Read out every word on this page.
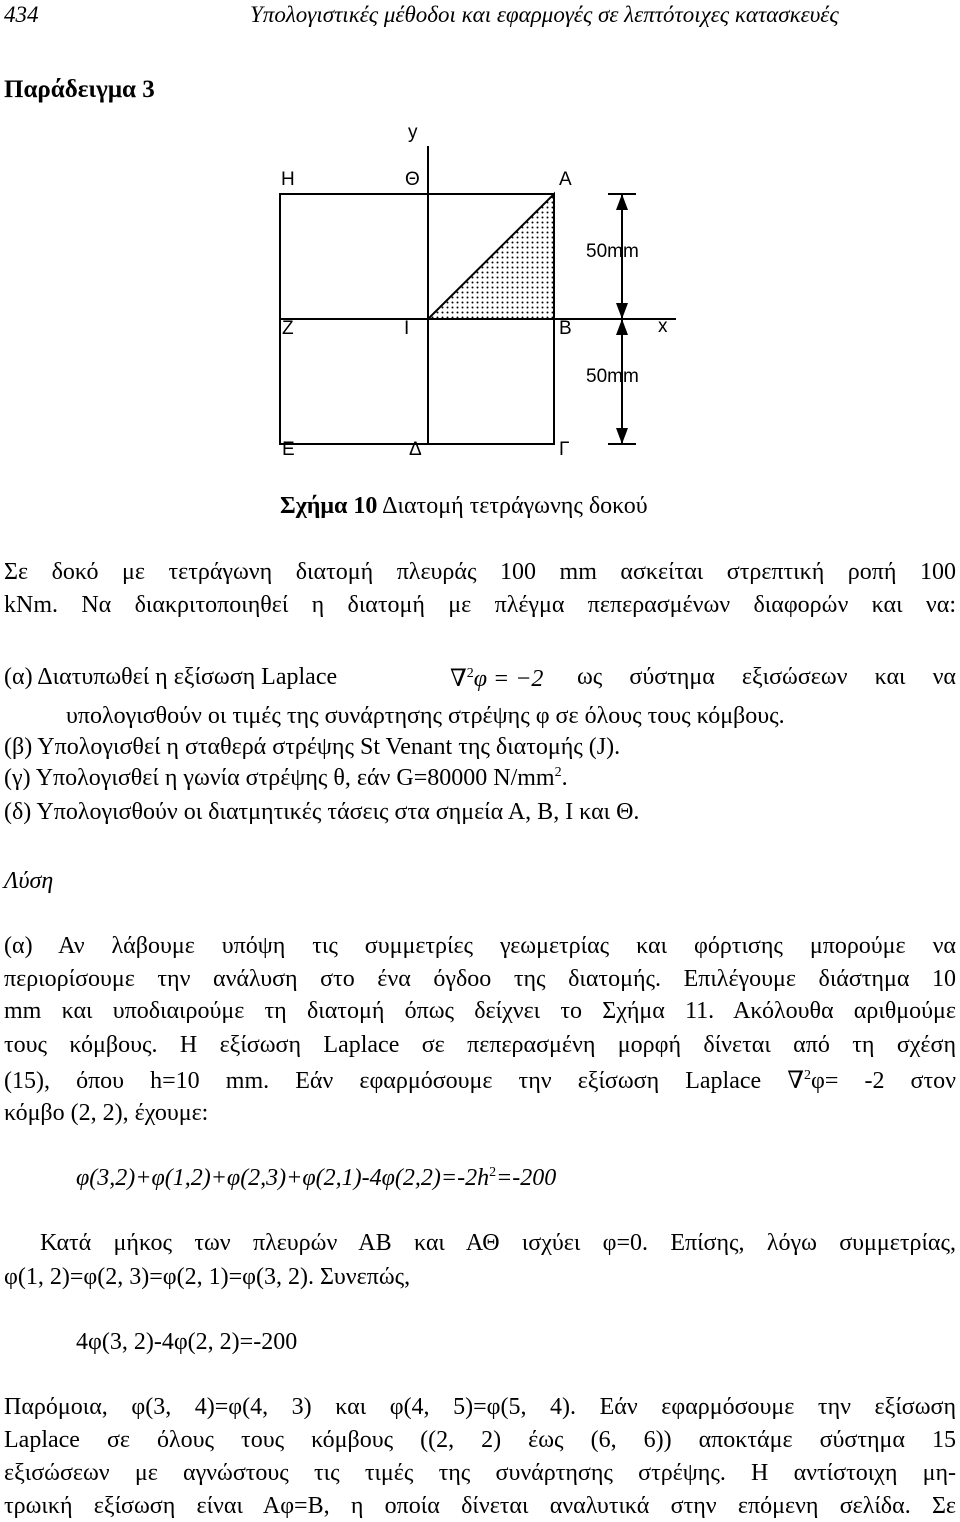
434	Υπολογιστικές μέθοδοι και εφαρμογές σε λεπτότοιχες κατασκευές
Παράδειγμα 3
y
Η	Θ	Α
50mm
Ζ	Ι	Β	x
50mm
Ε	Δ	Γ
Σχήμα 10 Διατομή τετράγωνης δοκού
Σε δοκό με τετράγωνη διατομή πλευράς 100 mm ασκείται στρεπτική ροπή 100
kNm. Να διακριτοποιηθεί η διατομή με πλέγμα πεπερασμένων διαφορών και να:
(α) Διατυπωθεί η εξίσωση Laplace	∇$^2$φ = −2 ως σύστημα εξισώσεων και να
υπολογισθούν οι τιμές της συνάρτησης στρέψης φ σε όλους τους κόμβους.
(β) Υπολογισθεί η σταθερά στρέψης St Venant της διατομής (J).
(γ) Υπολογισθεί η γωνία στρέψης θ, εάν G=80000 $N/mm^2$.
(δ) Υπολογισθούν οι διατμητικές τάσεις στα σημεία Α, Β, Ι και Θ.
Λύση
(α) Αν λάβουμε υπόψη τις συμμετρίες γεωμετρίας και φόρτισης μπορούμε να
περιορίσουμε την ανάλυση στο ένα όγδοο της διατομής. Επιλέγουμε διάστημα 10
mm και υποδιαιρούμε τη διατομή όπως δείχνει το Σχήμα 11. Ακόλουθα αριθμούμε
τους κόμβους. Η εξίσωση Laplace σε πεπερασμένη μορφή δίνεται από τη σχέση
(15), όπου h=10 mm. Εάν εφαρμόσουμε την εξίσωση Laplace ∇$^2$φ= -2 στον
κόμβο (2, 2), έχουμε:
$\varphi(3,2)+\varphi(1,2)+\varphi(2,3)+\varphi(2,1)-4\varphi(2,2)=-2h^2=-200$
Κατά μήκος των πλευρών ΑΒ και ΑΘ ισχύει φ=0. Επίσης, λόγω συμμετρίας,
φ(1, 2)=φ(2, 3)=φ(2, 1)=φ(3, 2). Συνεπώς,
4φ(3, 2)-4φ(2, 2)=-200
Παρόμοια, φ(3, 4)=φ(4, 3) και φ(4, 5)=φ(5, 4). Εάν εφαρμόσουμε την εξίσωση
Laplace σε όλους τους κόμβους ((2, 2) έως (6, 6)) αποκτάμε σύστημα 15
εξισώσεων με αγνώστους τις τιμές της συνάρτησης στρέψης. Η αντίστοιχη μη-
τρωική εξίσωση είναι Αφ=Β, η οποία δίνεται αναλυτικά στην επόμενη σελίδα. Σε
